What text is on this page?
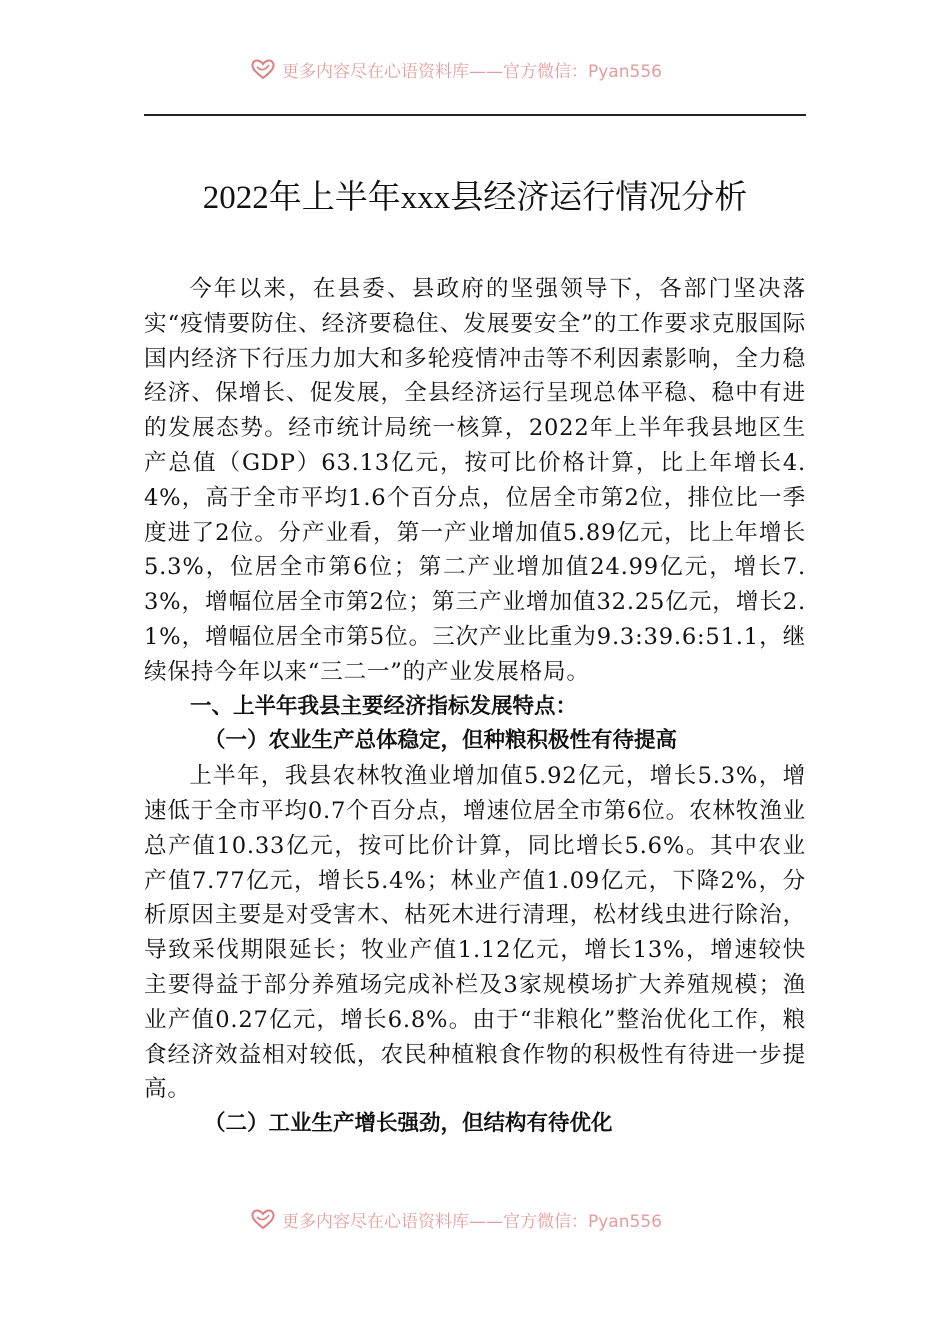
更多内容尽在心语资料库——官方微信：Pyan556
2022年上半年xxx县经济运行情况分析

今年以来，在县委、县政府的坚强领导下，各部门坚决落实“疫情要防住、经济要稳住、发展要安全”的工作要求克服国际国内经济下行压力加大和多轮疫情冲击等不利因素影响，全力稳经济、保增长、促发展，全县经济运行呈现总体平稳、稳中有进的发展态势。经市统计局统一核算，2022年上半年我县地区生产总值（GDP）63.13亿元，按可比价格计算，比上年增长4.4%，高于全市平均1.6个百分点，位居全市第2位，排位比一季度进了2位。分产业看，第一产业增加值5.89亿元，比上年增长5.3%，位居全市第6位；第二产业增加值24.99亿元，增长7.3%，增幅位居全市第2位；第三产业增加值32.25亿元，增长2.1%，增幅位居全市第5位。三次产业比重为9.3:39.6:51.1，继续保持今年以来“三二一”的产业发展格局。

一、上半年我县主要经济指标发展特点：

（一）农业生产总体稳定，但种粮积极性有待提高

上半年，我县农林牧渔业增加值5.92亿元，增长5.3%，增速低于全市平均0.7个百分点，增速位居全市第6位。农林牧渔业总产值10.33亿元，按可比价计算，同比增长5.6%。其中农业产值7.77亿元，增长5.4%；林业产值1.09亿元，下降2%，分析原因主要是对受害木、枯死木进行清理，松材线虫进行除治，导致采伐期限延长；牧业产值1.12亿元，增长13%，增速较快主要得益于部分养殖场完成补栏及3家规模场扩大养殖规模；渔业产值0.27亿元，增长6.8%。由于“非粮化”整治优化工作，粮食经济效益相对较低，农民种植粮食作物的积极性有待进一步提高。

（二）工业生产增长强劲，但结构有待优化

更多内容尽在心语资料库——官方微信：Pyan556
